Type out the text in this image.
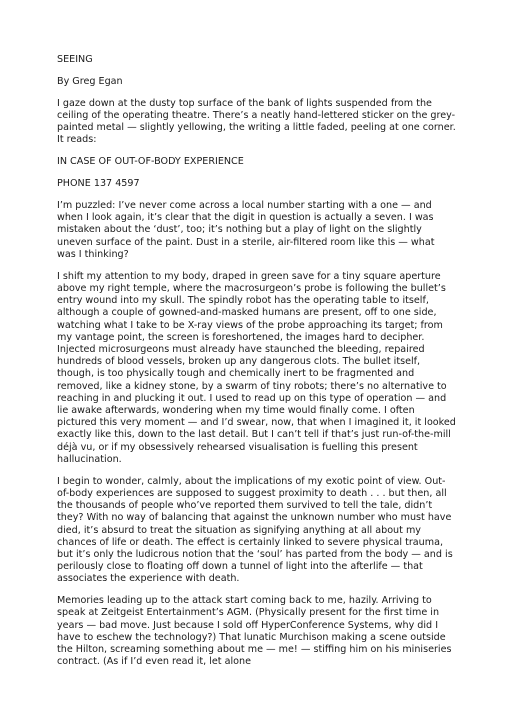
SEEING

By Greg Egan

I gaze down at the dusty top surface of the bank of lights suspended from the ceiling of the operating theatre. There’s a neatly hand-lettered sticker on the grey-painted metal — slightly yellowing, the writing a little faded, peeling at one corner. It reads:

IN CASE OF OUT-OF-BODY EXPERIENCE

PHONE 137 4597

I’m puzzled: I’ve never come across a local number starting with a one — and when I look again, it’s clear that the digit in question is actually a seven. I was mistaken about the ‘dust’, too; it’s nothing but a play of light on the slightly uneven surface of the paint. Dust in a sterile, air-filtered room like this — what was I thinking?

I shift my attention to my body, draped in green save for a tiny square aperture above my right temple, where the macrosurgeon’s probe is following the bullet’s entry wound into my skull. The spindly robot has the operating table to itself, although a couple of gowned-and-masked humans are present, off to one side, watching what I take to be X-ray views of the probe approaching its target; from my vantage point, the screen is foreshortened, the images hard to decipher. Injected microsurgeons must already have staunched the bleeding, repaired hundreds of blood vessels, broken up any dangerous clots. The bullet itself, though, is too physically tough and chemically inert to be fragmented and removed, like a kidney stone, by a swarm of tiny robots; there’s no alternative to reaching in and plucking it out. I used to read up on this type of operation — and lie awake afterwards, wondering when my time would finally come. I often pictured this very moment — and I’d swear, now, that when I imagined it, it looked exactly like this, down to the last detail. But I can’t tell if that’s just run-of-the-mill déjà vu, or if my obsessively rehearsed visualisation is fuelling this present hallucination.

I begin to wonder, calmly, about the implications of my exotic point of view. Out-of-body experiences are supposed to suggest proximity to death . . . but then, all the thousands of people who’ve reported them survived to tell the tale, didn’t they? With no way of balancing that against the unknown number who must have died, it’s absurd to treat the situation as signifying anything at all about my chances of life or death. The effect is certainly linked to severe physical trauma, but it’s only the ludicrous notion that the ‘soul’ has parted from the body — and is perilously close to floating off down a tunnel of light into the afterlife — that associates the experience with death.

Memories leading up to the attack start coming back to me, hazily. Arriving to speak at Zeitgeist Entertainment’s AGM. (Physically present for the first time in years — bad move. Just because I sold off HyperConference Systems, why did I have to eschew the technology?) That lunatic Murchison making a scene outside the Hilton, screaming something about me — me! — stiffing him on his miniseries contract. (As if I’d even read it, let alone
